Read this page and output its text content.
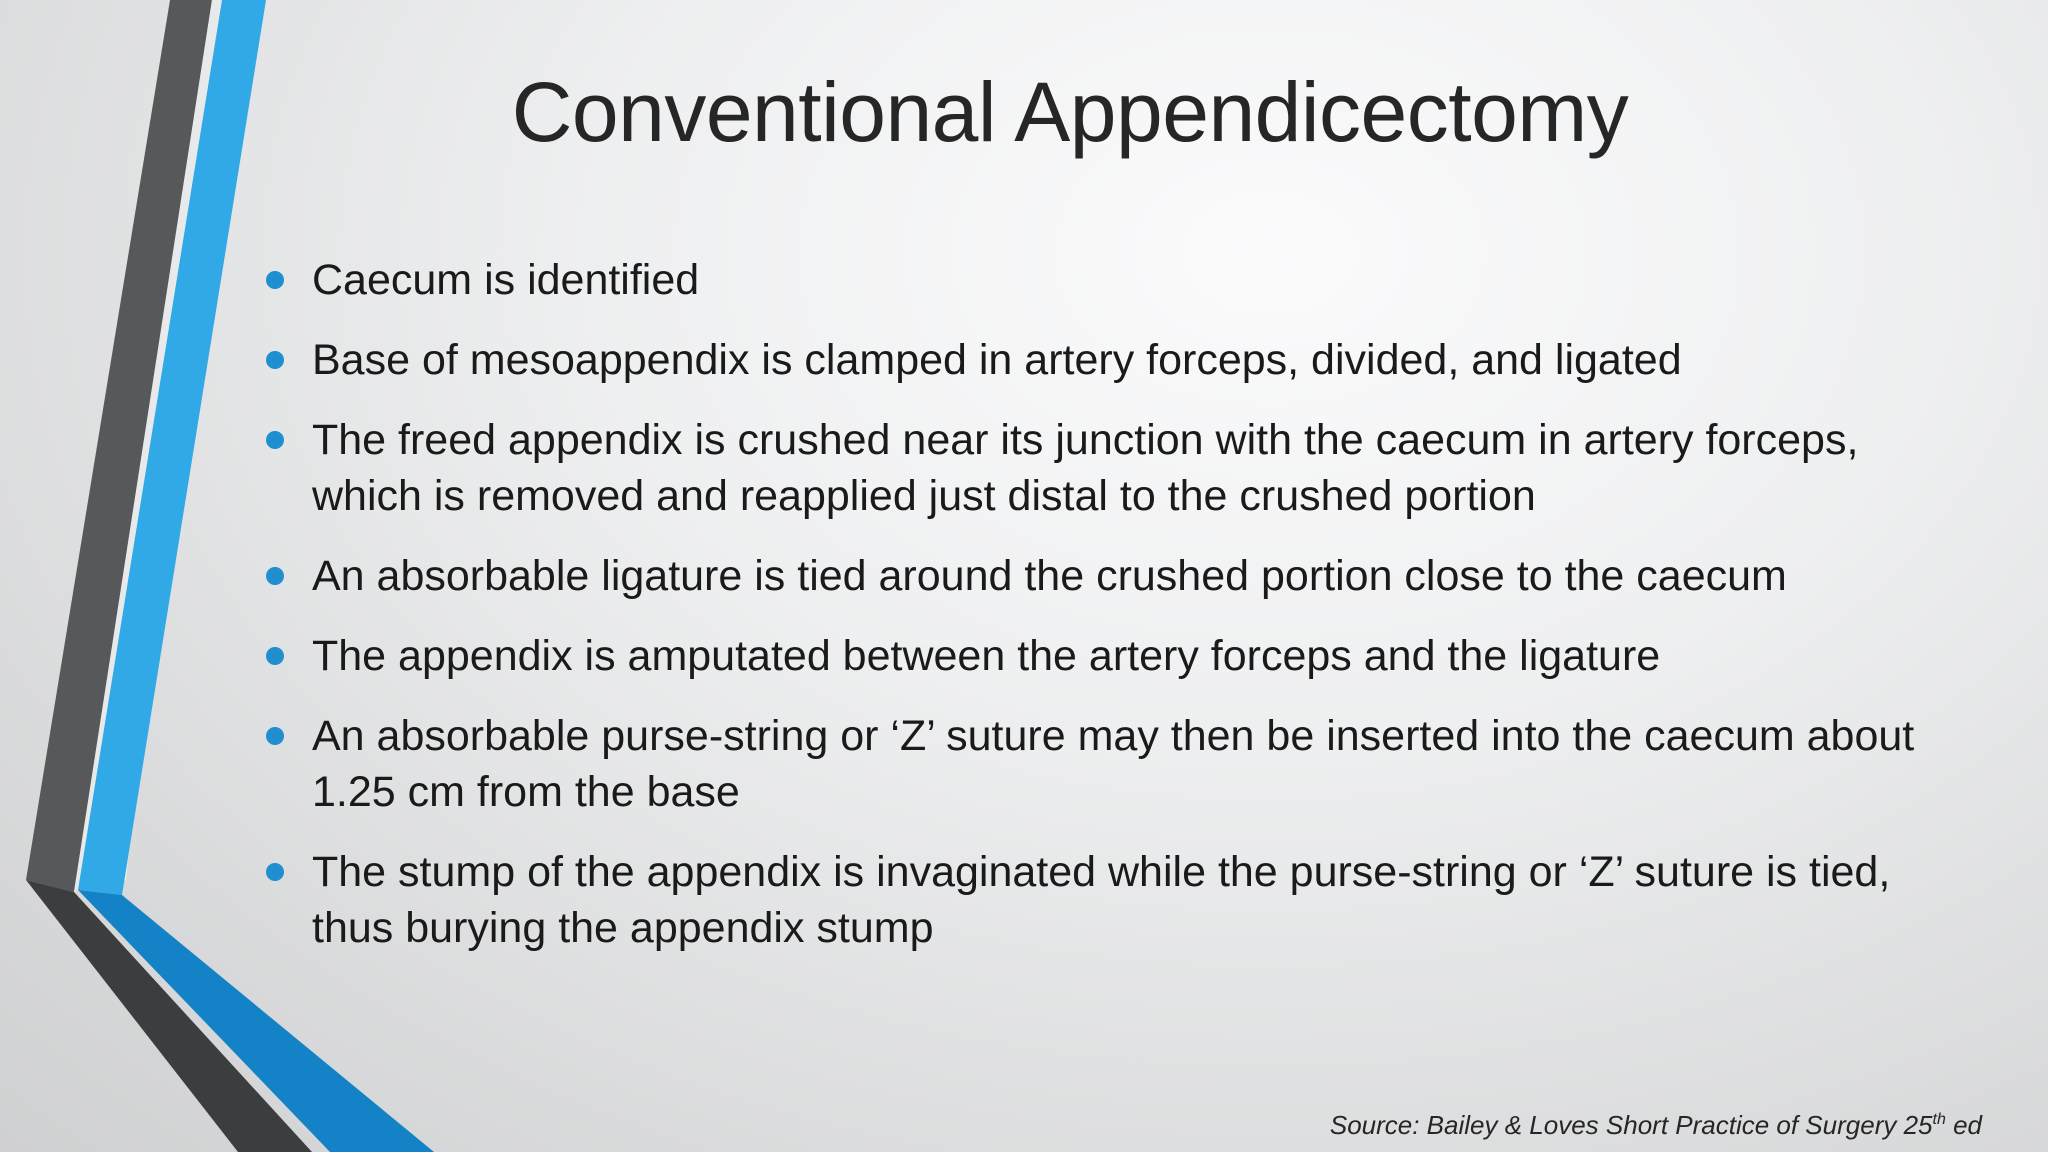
Conventional Appendicectomy
Caecum is identified
Base of mesoappendix is clamped in artery forceps, divided, and ligated
The freed appendix is crushed near its junction with the caecum in artery forceps, which is removed and reapplied just distal to the crushed portion
An absorbable ligature is tied around the crushed portion close to the caecum
The appendix is amputated between the artery forceps and the ligature
An absorbable purse-string or ‘Z’ suture may then be inserted into the caecum about 1.25 cm from the base
The stump of the appendix is invaginated while the purse-string or ‘Z’ suture is tied, thus burying the appendix stump
Source: Bailey & Loves Short Practice of Surgery 25th ed
